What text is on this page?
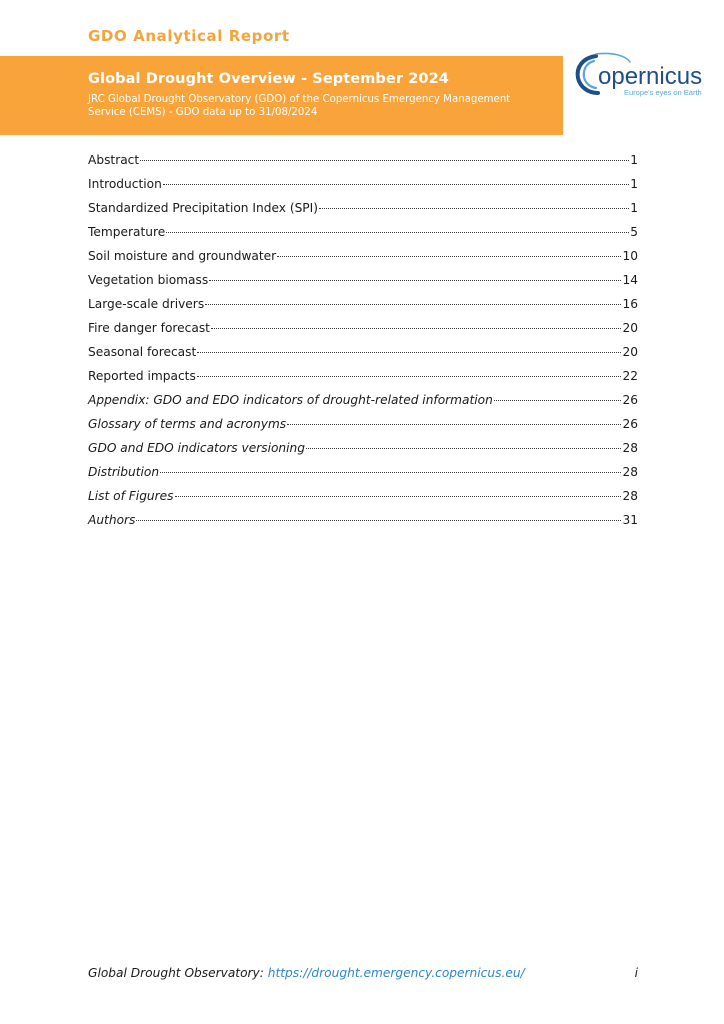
GDO Analytical Report
Global Drought Overview - September 2024
JRC Global Drought Observatory (GDO) of the Copernicus Emergency Management Service (CEMS) - GDO data up to 31/08/2024
opernicus
Europe's eyes on Earth
Abstract	1
Introduction	1
Standardized Precipitation Index (SPI)	1
Temperature	5
Soil moisture and groundwater	10
Vegetation biomass	14
Large-scale drivers	16
Fire danger forecast	20
Seasonal forecast	20
Reported impacts	22
Appendix: GDO and EDO indicators of drought-related information	26
Glossary of terms and acronyms	26
GDO and EDO indicators versioning	28
Distribution	28
List of Figures	28
Authors	31
Global Drought Observatory: https://drought.emergency.copernicus.eu/	i
